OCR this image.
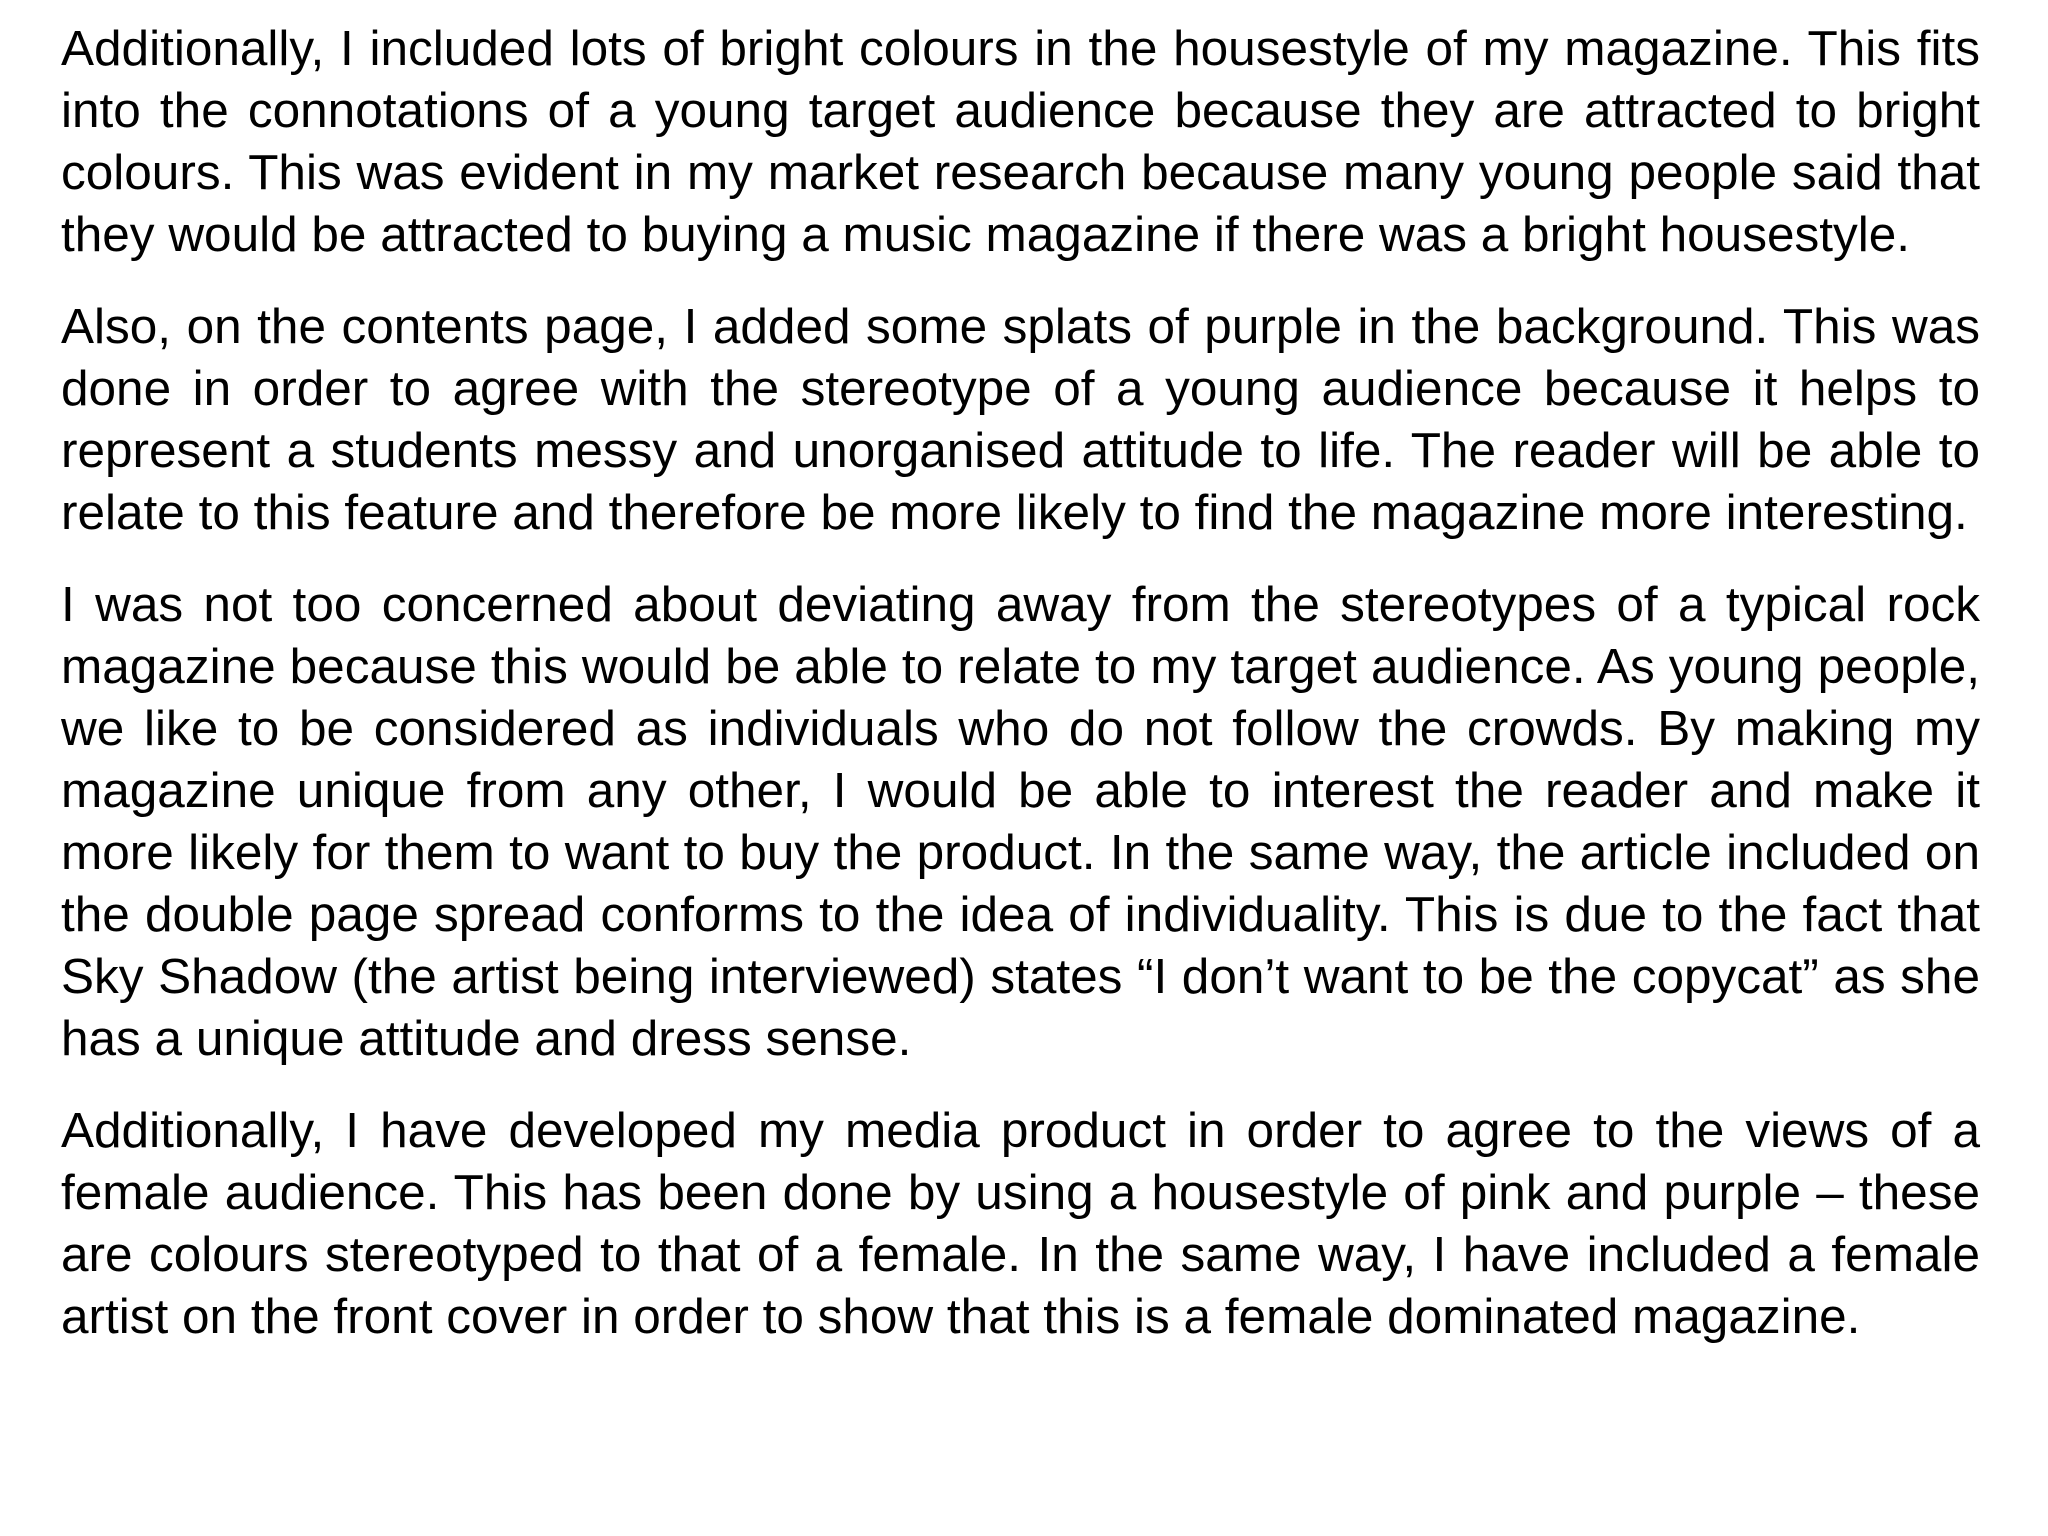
Additionally, I included lots of bright colours in the housestyle of my magazine. This fits into the connotations of a young target audience because they are attracted to bright colours. This was evident in my market research because many young people said that they would be attracted to buying a music magazine if there was a bright housestyle.

Also, on the contents page, I added some splats of purple in the background. This was done in order to agree with the stereotype of a young audience because it helps to represent a students messy and unorganised attitude to life. The reader will be able to relate to this feature and therefore be more likely to find the magazine more interesting.

I was not too concerned about deviating away from the stereotypes of a typical rock magazine because this would be able to relate to my target audience. As young people, we like to be considered as individuals who do not follow the crowds. By making my magazine unique from any other, I would be able to interest the reader and make it more likely for them to want to buy the product. In the same way, the article included on the double page spread conforms to the idea of individuality. This is due to the fact that Sky Shadow (the artist being interviewed) states “I don’t want to be the copycat” as she has a unique attitude and dress sense.

Additionally, I have developed my media product in order to agree to the views of a female audience. This has been done by using a housestyle of pink and purple – these are colours stereotyped to that of a female. In the same way, I have included a female artist on the front cover in order to show that this is a female dominated magazine.
